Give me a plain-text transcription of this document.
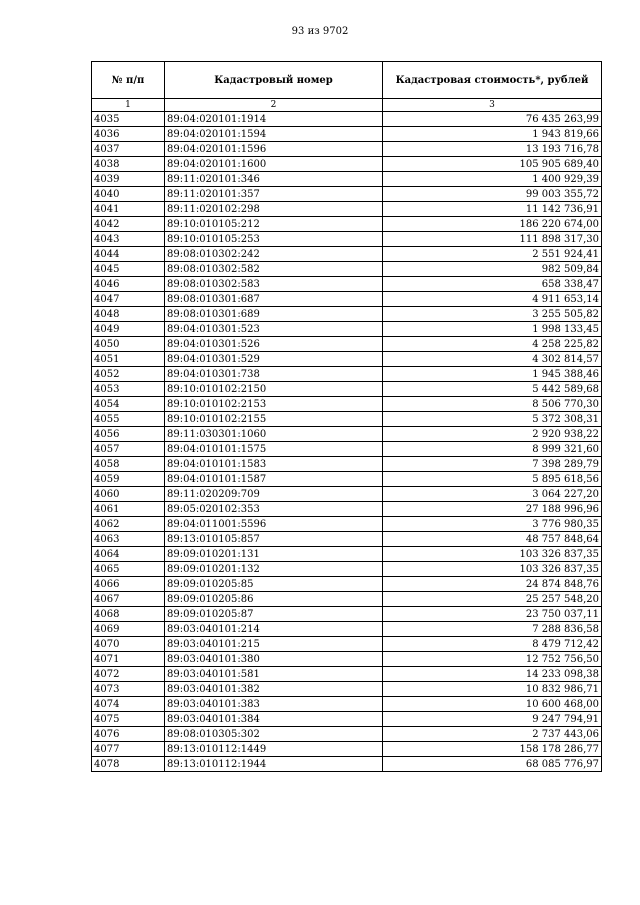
93 из 9702
№ п/п	Кадастровый номер	Кадастровая стоимость*, рублей
1	2	3
4035	89:04:020101:1914	76 435 263,99
4036	89:04:020101:1594	1 943 819,66
4037	89:04:020101:1596	13 193 716,78
4038	89:04:020101:1600	105 905 689,40
4039	89:11:020101:346	1 400 929,39
4040	89:11:020101:357	99 003 355,72
4041	89:11:020102:298	11 142 736,91
4042	89:10:010105:212	186 220 674,00
4043	89:10:010105:253	111 898 317,30
4044	89:08:010302:242	2 551 924,41
4045	89:08:010302:582	982 509,84
4046	89:08:010302:583	658 338,47
4047	89:08:010301:687	4 911 653,14
4048	89:08:010301:689	3 255 505,82
4049	89:04:010301:523	1 998 133,45
4050	89:04:010301:526	4 258 225,82
4051	89:04:010301:529	4 302 814,57
4052	89:04:010301:738	1 945 388,46
4053	89:10:010102:2150	5 442 589,68
4054	89:10:010102:2153	8 506 770,30
4055	89:10:010102:2155	5 372 308,31
4056	89:11:030301:1060	2 920 938,22
4057	89:04:010101:1575	8 999 321,60
4058	89:04:010101:1583	7 398 289,79
4059	89:04:010101:1587	5 895 618,56
4060	89:11:020209:709	3 064 227,20
4061	89:05:020102:353	27 188 996,96
4062	89:04:011001:5596	3 776 980,35
4063	89:13:010105:857	48 757 848,64
4064	89:09:010201:131	103 326 837,35
4065	89:09:010201:132	103 326 837,35
4066	89:09:010205:85	24 874 848,76
4067	89:09:010205:86	25 257 548,20
4068	89:09:010205:87	23 750 037,11
4069	89:03:040101:214	7 288 836,58
4070	89:03:040101:215	8 479 712,42
4071	89:03:040101:380	12 752 756,50
4072	89:03:040101:581	14 233 098,38
4073	89:03:040101:382	10 832 986,71
4074	89:03:040101:383	10 600 468,00
4075	89:03:040101:384	9 247 794,91
4076	89:08:010305:302	2 737 443,06
4077	89:13:010112:1449	158 178 286,77
4078	89:13:010112:1944	68 085 776,97
